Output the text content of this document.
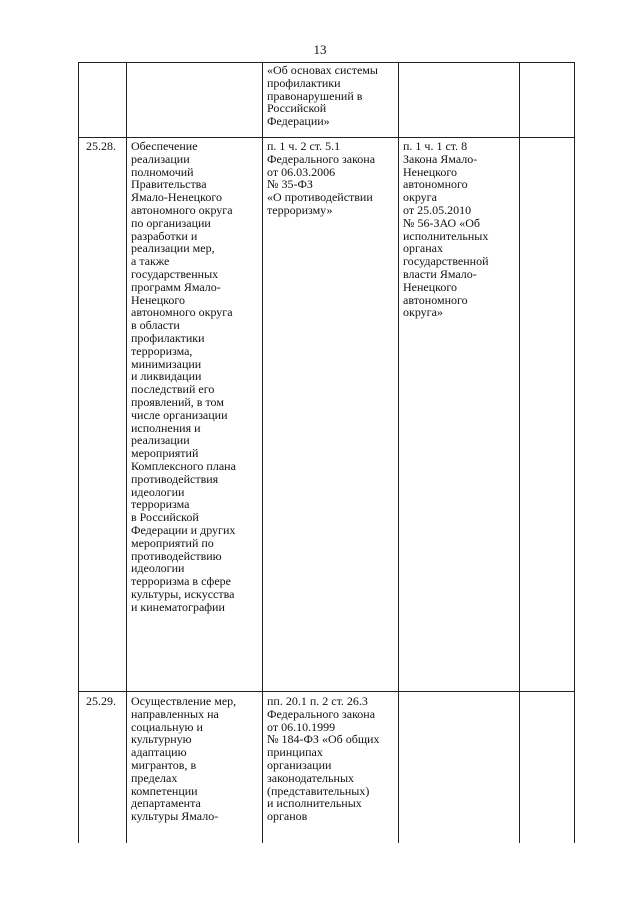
13
«Об основах системы
профилактики
правонарушений в
Российской
Федерации»
25.28.	Обеспечение
реализации
полномочий
Правительства
Ямало-Ненецкого
автономного округа
по организации
разработки и
реализации мер,
а также
государственных
программ Ямало-
Ненецкого
автономного округа
в области
профилактики
терроризма,
минимизации
и ликвидации
последствий его
проявлений, в том
числе организации
исполнения и
реализации
мероприятий
Комплексного плана
противодействия
идеологии
терроризма
в Российской
Федерации и других
мероприятий по
противодействию
идеологии
терроризма в сфере
культуры, искусства
и кинематографии
п. 1 ч. 2 ст. 5.1
Федерального закона
от 06.03.2006
№ 35-ФЗ
«О противодействии
терроризму»
п. 1 ч. 1 ст. 8
Закона Ямало-
Ненецкого
автономного
округа
от 25.05.2010
№ 56-ЗАО «Об
исполнительных
органах
государственной
власти Ямало-
Ненецкого
автономного
округа»
25.29.	Осуществление мер,
направленных на
социальную и
культурную
адаптацию
мигрантов, в
пределах
компетенции
департамента
культуры Ямало-
пп. 20.1 п. 2 ст. 26.3
Федерального закона
от 06.10.1999
№ 184-ФЗ «Об общих
принципах
организации
законодательных
(представительных)
и исполнительных
органов
